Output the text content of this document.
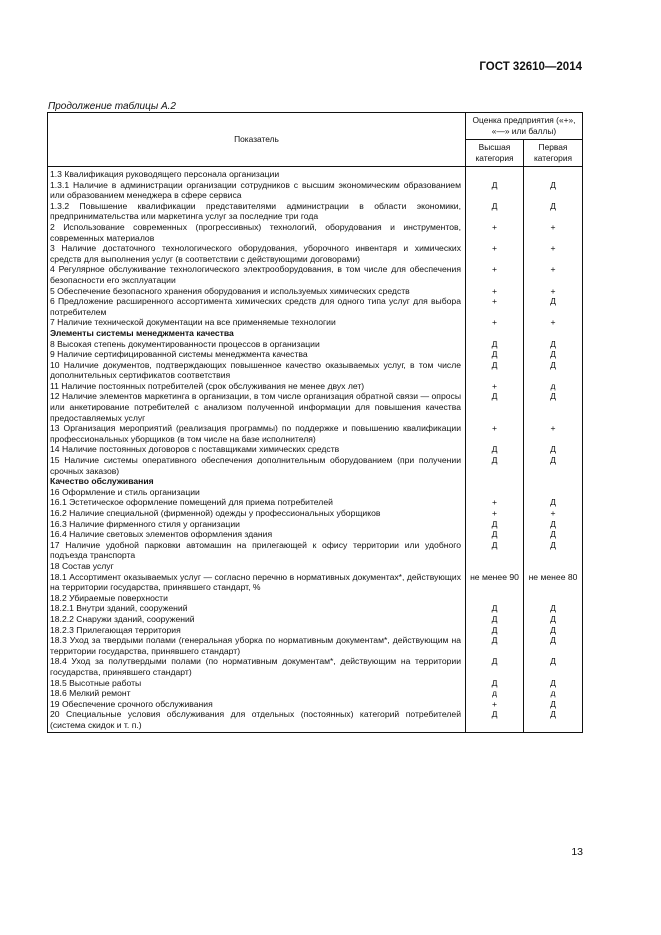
ГОСТ 32610—2014
Продолжение таблицы А.2
Показатель	Оценка предприятия («+», «—» или баллы)	
	Высшая категория	Первая категория
1.3 Квалификация руководящего персонала организации		
1.3.1 Наличие в администрации организации сотрудников с высшим экономическим образованием или образованием менеджера в сфере сервиса	Д	Д
1.3.2 Повышение квалификации представителями администрации в области экономики, предпринимательства или маркетинга услуг за последние три года	Д	Д
2 Использование современных (прогрессивных) технологий, оборудования и инструментов, современных материалов	+	+
3 Наличие достаточного технологического оборудования, уборочного инвентаря и химических средств для выполнения услуг (в соответствии с действующими договорами)	+	+
4 Регулярное обслуживание технологического электрооборудования, в том числе для обеспечения безопасности его эксплуатации	+	+
5 Обеспечение безопасного хранения оборудования и используемых химических средств	+	+
6 Предложение расширенного ассортимента химических средств для одного типа услуг для выбора потребителем	+	Д
7 Наличие технической документации на все применяемые технологии	+	+
Элементы системы менеджмента качества		
8 Высокая степень документированности процессов в организации	Д	Д
9 Наличие сертифицированной системы менеджмента качества	Д	Д
10 Наличие документов, подтверждающих повышенное качество оказываемых услуг, в том числе дополнительных сертификатов соответствия	Д	Д
11 Наличие постоянных потребителей (срок обслуживания не менее двух лет)	+	д
12 Наличие элементов маркетинга в организации, в том числе организация обратной связи — опросы или анкетирование потребителей с анализом полученной информации для повышения качества предоставляемых услуг	Д	Д
13 Организация мероприятий (реализация программы) по поддержке и повышению квалификации профессиональных уборщиков (в том числе на базе исполнителя)	+	+
14 Наличие постоянных договоров с поставщиками химических средств	Д	Д
15 Наличие системы оперативного обеспечения дополнительным оборудованием (при получении срочных заказов)	Д	Д
Качество обслуживания		
16 Оформление и стиль организации		
16.1 Эстетическое оформление помещений для приема потребителей	+	Д
16.2 Наличие специальной (фирменной) одежды у профессиональных уборщиков	+	+
16.3 Наличие фирменного стиля у организации	Д	Д
16.4 Наличие световых элементов оформления здания	Д	Д
17 Наличие удобной парковки автомашин на прилегающей к офису территории или удобного подъезда транспорта	Д	Д
18 Состав услуг		
18.1 Ассортимент оказываемых услуг — согласно перечню в нормативных документах*, действующих на территории государства, принявшего стандарт, %	не менее 90	не менее 80
18.2 Убираемые поверхности		
18.2.1 Внутри зданий, сооружений	Д	Д
18.2.2 Снаружи зданий, сооружений	Д	Д
18.2.3 Прилегающая территория	Д	Д
18.3 Уход за твердыми полами (генеральная уборка по нормативным документам*, действующим на территории государства, принявшего стандарт)	Д	Д
18.4 Уход за полутвердыми полами (по нормативным документам*, действующим на территории государства, принявшего стандарт)	Д	Д
18.5 Высотные работы	Д	Д
18.6 Мелкий ремонт	д	д
19 Обеспечение срочного обслуживания	+	Д
20 Специальные условия обслуживания для отдельных (постоянных) категорий потребителей (система скидок и т. п.)	Д	Д
13
